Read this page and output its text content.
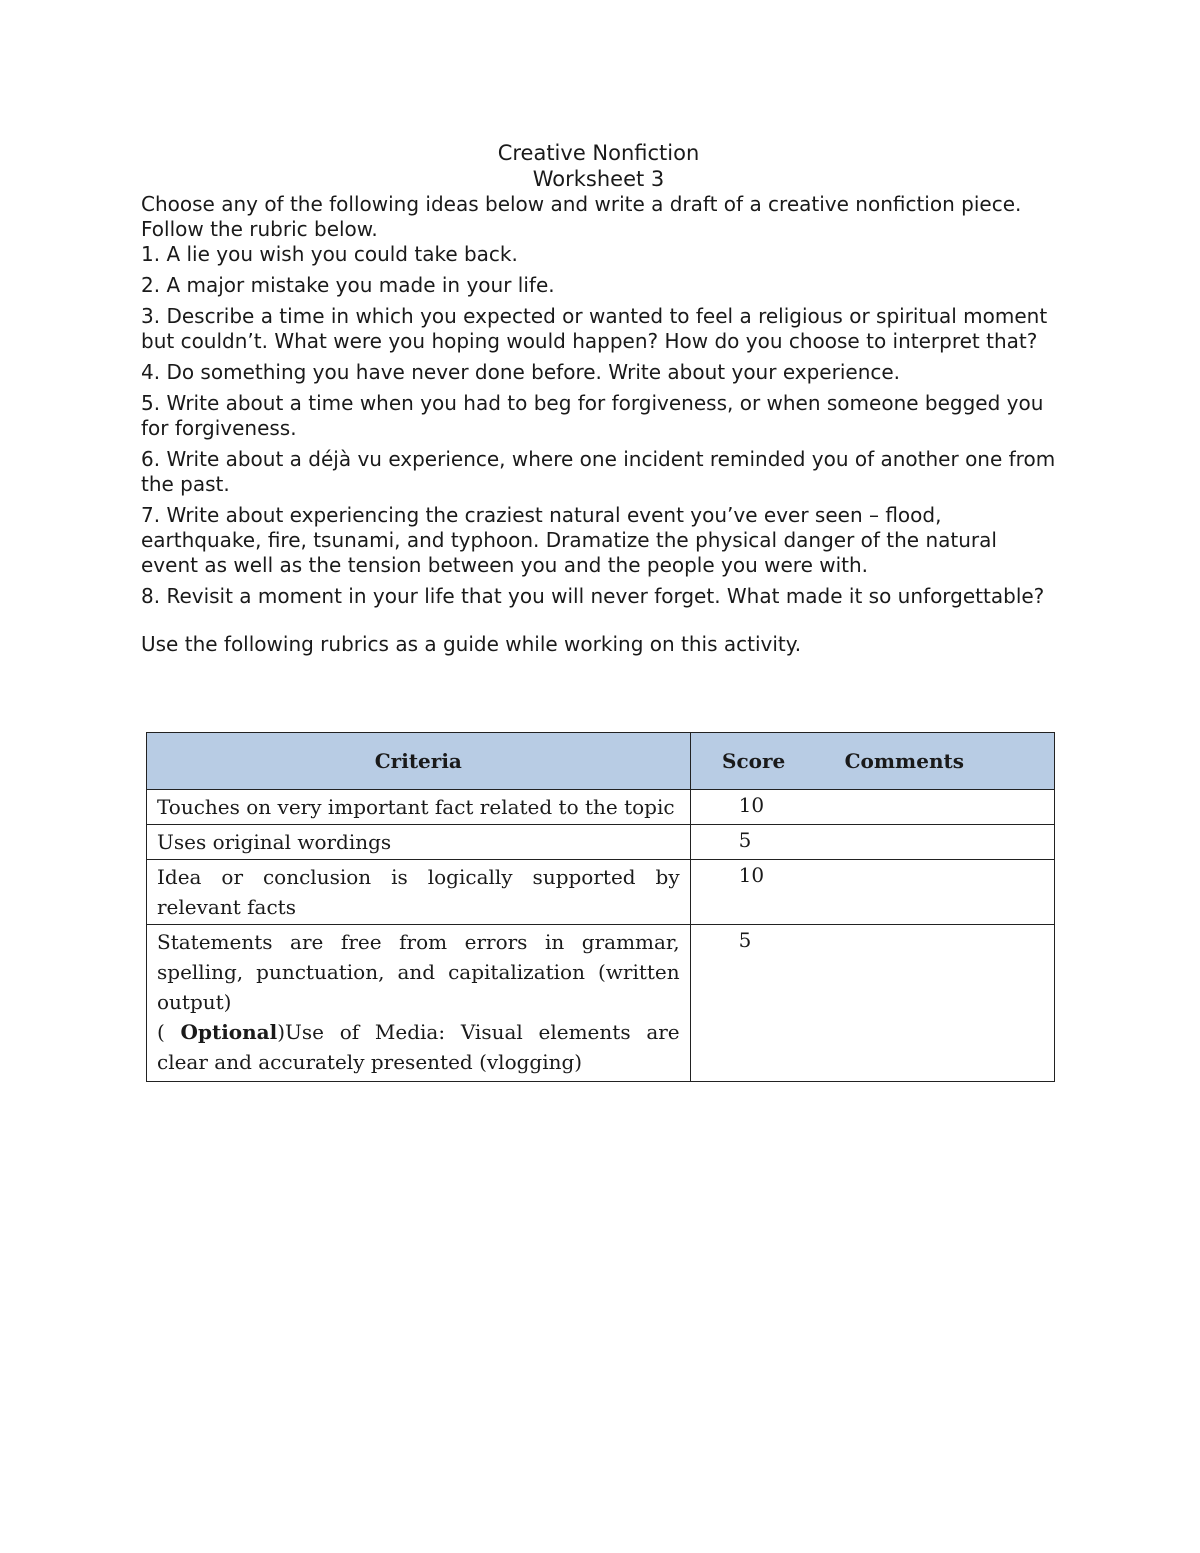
Creative Nonfiction
Worksheet 3

Choose any of the following ideas below and write a draft of a creative nonfiction piece. Follow the rubric below.

1. A lie you wish you could take back.
2. A major mistake you made in your life.
3. Describe a time in which you expected or wanted to feel a religious or spiritual moment but couldn’t. What were you hoping would happen? How do you choose to interpret that?
4. Do something you have never done before. Write about your experience.
5. Write about a time when you had to beg for forgiveness, or when someone begged you for forgiveness.
6. Write about a déjà vu experience, where one incident reminded you of another one from the past.
7. Write about experiencing the craziest natural event you’ve ever seen – flood, earthquake, fire, tsunami, and typhoon. Dramatize the physical danger of the natural event as well as the tension between you and the people you were with.
8. Revisit a moment in your life that you will never forget. What made it so unforgettable?

Use the following rubrics as a guide while working on this activity.

Criteria	Score Comments

Touches on very important fact related to the topic	10
Uses original wordings	5
Idea or conclusion is logically supported by relevant facts	10

Statements are free from errors in grammar, spelling, punctuation, and capitalization (written output)
( Optional)Use of Media: Visual elements are clear and accurately presented (vlogging)	5
